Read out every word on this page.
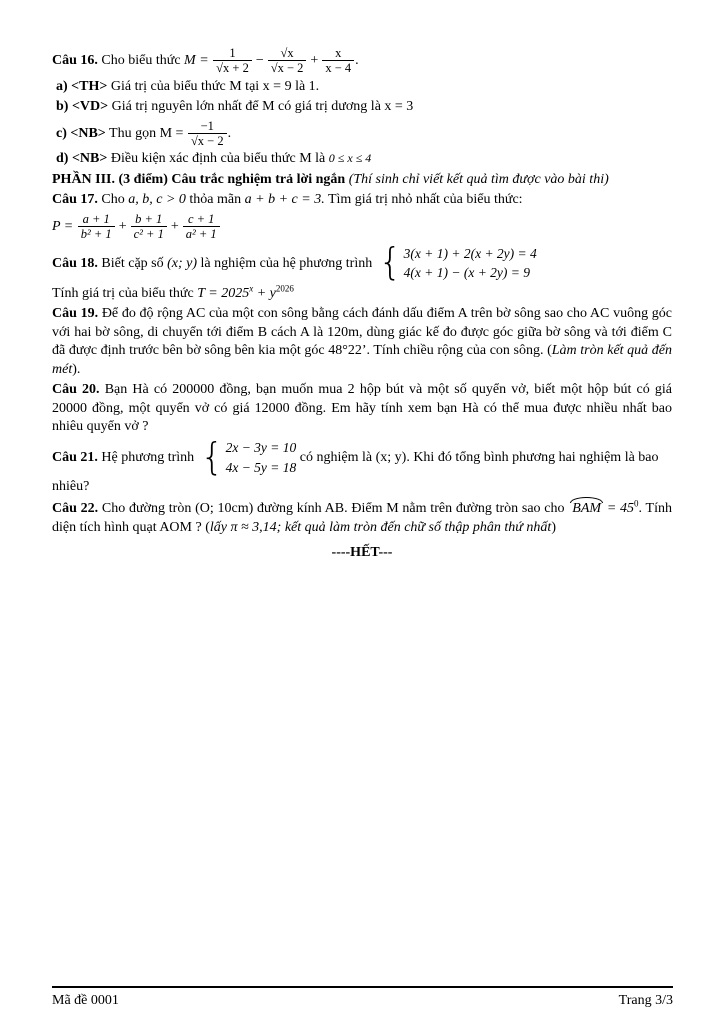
Câu 16. Cho biểu thức $M = \frac{1}{√x + 2} - \frac{√x}{√x - 2} + \frac{x}{x - 4}$ .

a) <TH> Giá trị của biểu thức M tại x = 9 là 1.

b) <VD> Giá trị nguyên lớn nhất để M có giá trị dương là x = 3

c) <NB> Thu gọn $M = \frac{-1}{√x - 2}$ .

d) <NB> Điều kiện xác định của biểu thức M là 0 ≤ x ≤ 4

PHẦN III. (3 điểm) Câu trắc nghiệm trả lời ngắn (Thí sinh chỉ viết kết quả tìm được vào bài thi)

Câu 17. Cho a, b, c > 0 thỏa mãn a + b + c = 3. Tìm giá trị nhỏ nhất của biểu thức:

$P = \frac{a + 1}{\text{b² + 1}} + \frac{b + 1}{\text{c² + 1}} + \frac{c + 1}{\text{a² + 1}}$

Câu 18. Biết cặp số (x; y) là nghiệm của hệ phương trình { 3(x + 1) + 2(x + 2y) = 4
4(x + 1) − (x + 2y) = 9

Tính giá trị của biểu thức $T = 2025^x + y^{2026}$

Câu 19. Để đo độ rộng AC của một con sông bằng cách đánh dấu điểm A trên bờ sông sao cho AC vuông góc với hai bờ sông, di chuyển tới điểm B cách A là 120m, dùng giác kế đo được góc giữa bờ sông và tới điểm C đã được định trước bên bờ sông bên kia một góc 48°22’. Tính chiều rộng của con sông. (Làm tròn kết quả đến mét).

Câu 20. Bạn Hà có 200000 đồng, bạn muốn mua 2 hộp bút và một số quyển vở, biết một hộp bút có giá 20000 đồng, một quyển vở có giá 12000 đồng. Em hãy tính xem bạn Hà có thể mua được nhiều nhất bao nhiêu quyển vở ?

Câu 21. Hệ phương trình { 2x − 3y = 10
4x − 5y = 18
có nghiệm là (x; y). Khi đó tổng bình phương hai nghiệm là bao nhiêu?

Câu 22. Cho đường tròn (O; 10cm) đường kính AB. Điểm M nằm trên đường tròn sao cho BAM = $45^0$. Tính diện tích hình quạt AOM ? (lấy π ≈ 3,14; kết quả làm tròn đến chữ số thập phân thứ nhất)

----HẾT---

Mã đề 0001	Trang 3/3
